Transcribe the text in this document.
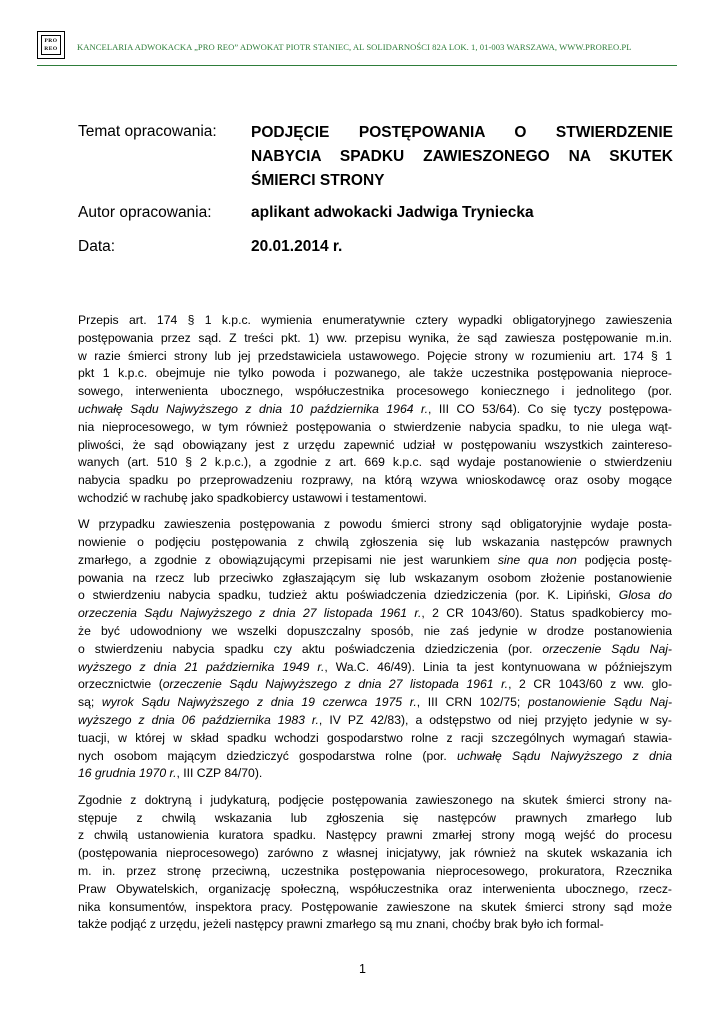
PRO
REO KANCELARIA ADWOKACKA „PRO REO” ADWOKAT PIOTR STANIEC, AL SOLIDARNOŚCI 82A LOK. 1, 01-003 WARSZAWA, WWW.PROREO.PL
Temat opracowania: PODJĘCIE POSTĘPOWANIA O STWIERDZENIE
NABYCIA SPADKU ZAWIESZONEGO NA SKUTEK
ŚMIERCI STRONY
Autor opracowania:	aplikant adwokacki Jadwiga Tryniecka
Data:	20.01.2014 r.

Przepis art. 174 § 1 k.p.c. wymienia enumeratywnie cztery wypadki obligatoryjnego zawieszenia
postępowania przez sąd. Z treści pkt. 1) ww. przepisu wynika, że sąd zawiesza postępowanie m.in.
w razie śmierci strony lub jej przedstawiciela ustawowego. Pojęcie strony w rozumieniu art. 174 § 1
pkt 1 k.p.c. obejmuje nie tylko powoda i pozwanego, ale także uczestnika postępowania nieproce-
sowego, interwenienta ubocznego, współuczestnika procesowego koniecznego i jednolitego (por.
uchwałę Sądu Najwyższego z dnia 10 października 1964 r., III CO 53/64). Co się tyczy postępowa-
nia nieprocesowego, w tym również postępowania o stwierdzenie nabycia spadku, to nie ulega wąt-
pliwości, że sąd obowiązany jest z urzędu zapewnić udział w postępowaniu wszystkich zaintereso-
wanych (art. 510 § 2 k.p.c.), a zgodnie z art. 669 k.p.c. sąd wydaje postanowienie o stwierdzeniu
nabycia spadku po przeprowadzeniu rozprawy, na którą wzywa wnioskodawcę oraz osoby mogące
wchodzić w rachubę jako spadkobiercy ustawowi i testamentowi.

W przypadku zawieszenia postępowania z powodu śmierci strony sąd obligatoryjnie wydaje posta-
nowienie o podjęciu postępowania z chwilą zgłoszenia się lub wskazania następców prawnych
zmarłego, a zgodnie z obowiązującymi przepisami nie jest warunkiem sine qua non podjęcia postę-
powania na rzecz lub przeciwko zgłaszającym się lub wskazanym osobom złożenie postanowienie
o stwierdzeniu nabycia spadku, tudzież aktu poświadczenia dziedziczenia (por. K. Lipiński, Glosa do
orzeczenia Sądu Najwyższego z dnia 27 listopada 1961 r., 2 CR 1043/60). Status spadkobiercy mo-
że być udowodniony we wszelki dopuszczalny sposób, nie zaś jedynie w drodze postanowienia
o stwierdzeniu nabycia spadku czy aktu poświadczenia dziedziczenia (por. orzeczenie Sądu Naj-
wyższego z dnia 21 października 1949 r., Wa.C. 46/49). Linia ta jest kontynuowana w późniejszym
orzecznictwie (orzeczenie Sądu Najwyższego z dnia 27 listopada 1961 r., 2 CR 1043/60 z ww. glo-
są; wyrok Sądu Najwyższego z dnia 19 czerwca 1975 r., III CRN 102/75; postanowienie Sądu Naj-
wyższego z dnia 06 października 1983 r., IV PZ 42/83), a odstępstwo od niej przyjęto jedynie w sy-
tuacji, w której w skład spadku wchodzi gospodarstwo rolne z racji szczególnych wymagań stawia-
nych osobom mającym dziedziczyć gospodarstwa rolne (por. uchwałę Sądu Najwyższego z dnia
16 grudnia 1970 r., III CZP 84/70).

Zgodnie z doktryną i judykaturą, podjęcie postępowania zawieszonego na skutek śmierci strony na-
stępuje z chwilą wskazania lub zgłoszenia się następców prawnych zmarłego lub
z chwilą ustanowienia kuratora spadku. Następcy prawni zmarłej strony mogą wejść do procesu
(postępowania nieprocesowego) zarówno z własnej inicjatywy, jak również na skutek wskazania ich
m. in. przez stronę przeciwną, uczestnika postępowania nieprocesowego, prokuratora, Rzecznika
Praw Obywatelskich, organizację społeczną, współuczestnika oraz interwenienta ubocznego, rzecz-
nika konsumentów, inspektora pracy. Postępowanie zawieszone na skutek śmierci strony sąd może
także podjąć z urzędu, jeżeli następcy prawni zmarłego są mu znani, choćby brak było ich formal-

1
